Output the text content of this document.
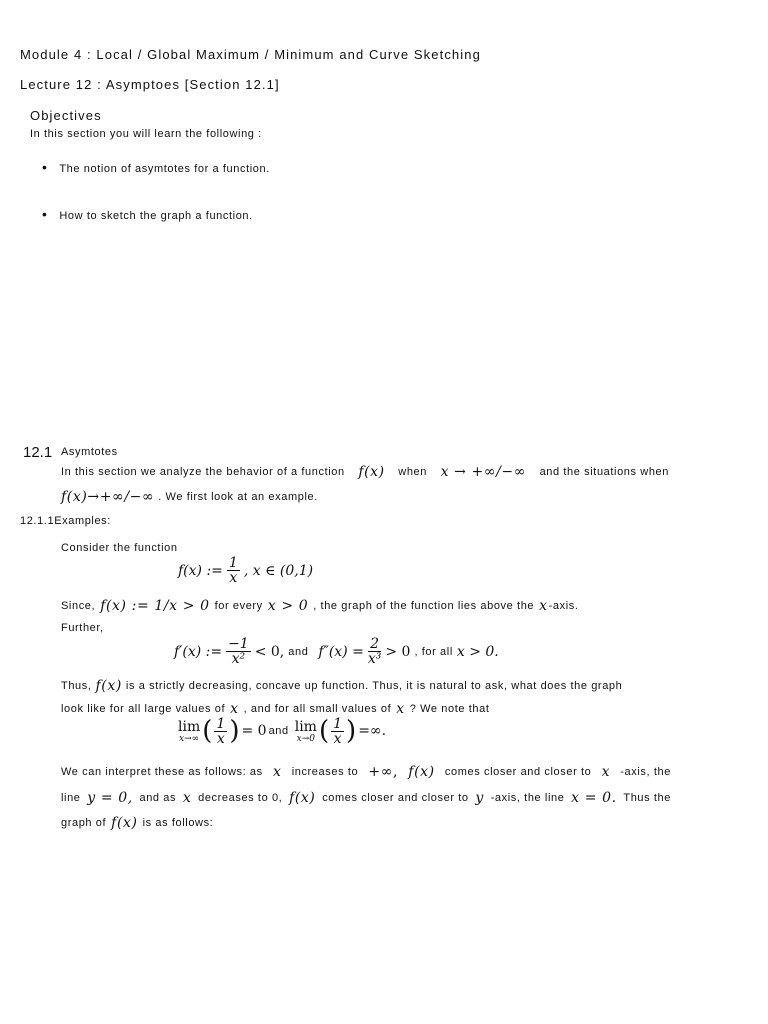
Module 4 : Local / Global Maximum / Minimum and Curve Sketching
Lecture 12 : Asymptoes [Section 12.1]
Objectives
In this section you will learn the following :
• The notion of asymtotes for a function.
• How to sketch the graph a function.
12.1 Asymtotes
In this section we analyze the behavior of a function f(x) when x → +∞/−∞ and the situations when
f(x)→+∞/−∞ . We first look at an example.
12.1.1Examples:
Consider the function
f(x) := $\frac{1}{x}$ , x ∈ (0,1)
Since, f(x) := 1/x > 0 for every x > 0 , the graph of the function lies above the x -axis.
Further,
f′(x) := $\frac{-1}{\text{x²}} < 0$, and $f''(x) = \frac{2}{\text{x³}} > 0$ , for all x > 0.
Thus, f(x) is a strictly decreasing, concave up function. Thus, it is natural to ask, what does the graph
look like for all large values of x , and for all small values of x ? We note that
lim
x→∞ ( $\frac{1}{x}$ ) = 0 and lim
x→0 ( $\frac{1}{x}$ ) =∞.
We can interpret these as follows: as x increases to +∞, f(x) comes closer and closer to x -axis, the
line y = 0, and as x decreases to 0, f(x) comes closer and closer to y -axis, the line x = 0. Thus the
graph of f(x) is as follows:
